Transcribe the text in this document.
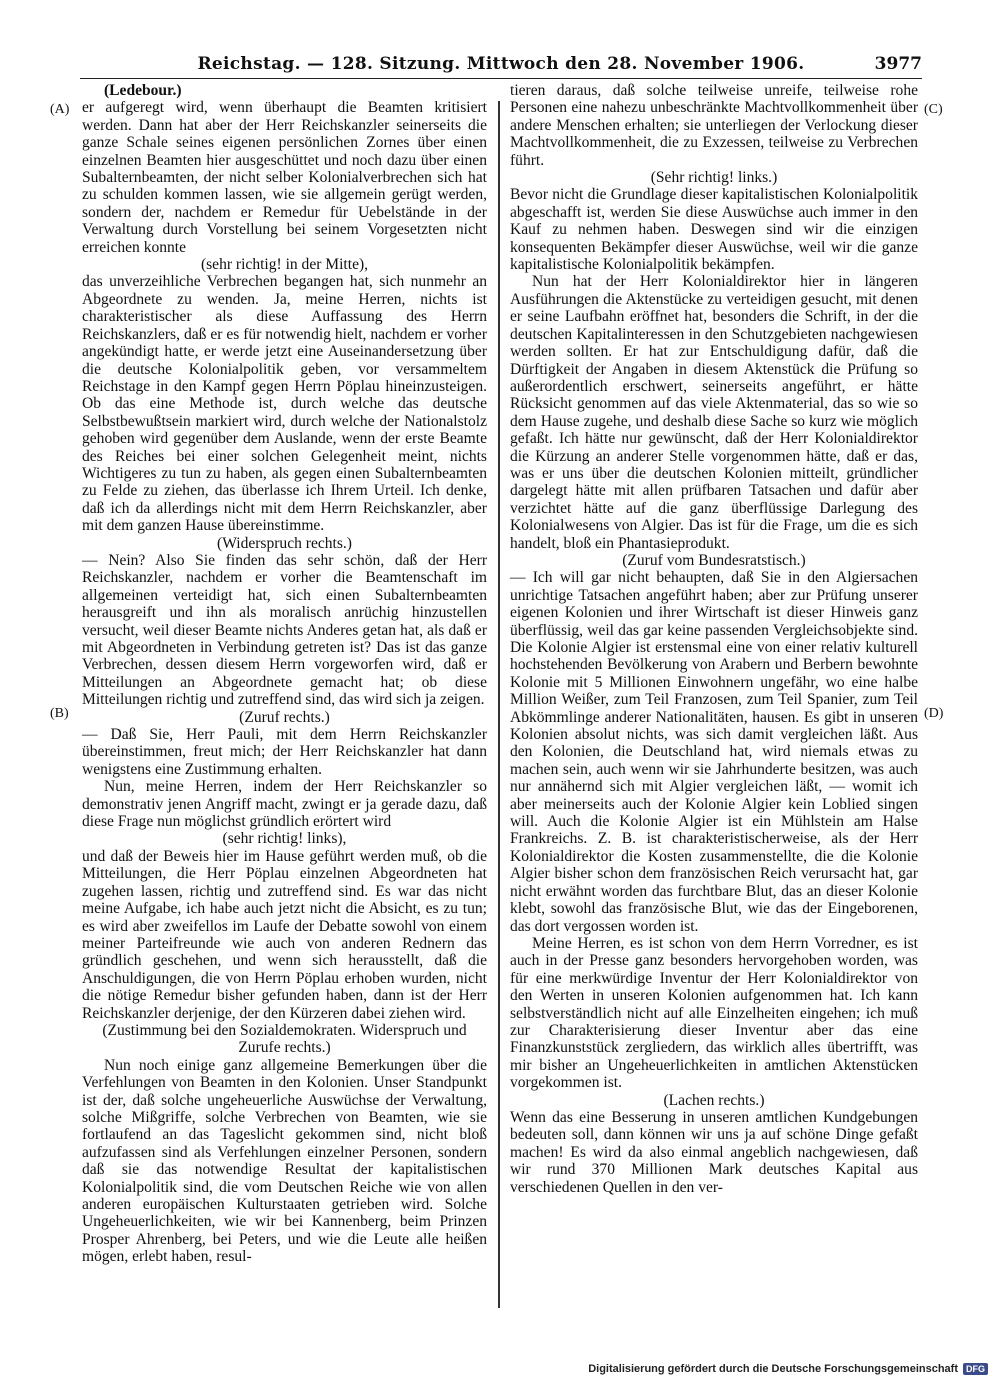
Reichstag. — 128. Sitzung. Mittwoch den 28. November 1906.	3977
(A)
(B)
(C)
(D)

(Ledebour.)

er aufgeregt wird, wenn überhaupt die Beamten kritisiert werden. Dann hat aber der Herr Reichskanzler seinerseits die ganze Schale seines eigenen persönlichen Zornes über einen einzelnen Beamten hier ausgeschüttet und noch dazu über einen Subalternbeamten, der nicht selber Kolonialverbrechen sich hat zu schulden kommen lassen, wie sie allgemein gerügt werden, sondern der, nachdem er Remedur für Uebelstände in der Verwaltung durch Vorstellung bei seinem Vorgesetzten nicht erreichen konnte

(sehr richtig! in der Mitte),

das unverzeihliche Verbrechen begangen hat, sich nunmehr an Abgeordnete zu wenden. Ja, meine Herren, nichts ist charakteristischer als diese Auffassung des Herrn Reichskanzlers, daß er es für notwendig hielt, nachdem er vorher angekündigt hatte, er werde jetzt eine Auseinandersetzung über die deutsche Kolonialpolitik geben, vor versammeltem Reichstage in den Kampf gegen Herrn Pöplau hineinzusteigen. Ob das eine Methode ist, durch welche das deutsche Selbstbewußtsein markiert wird, durch welche der Nationalstolz gehoben wird gegenüber dem Auslande, wenn der erste Beamte des Reiches bei einer solchen Gelegenheit meint, nichts Wichtigeres zu tun zu haben, als gegen einen Subalternbeamten zu Felde zu ziehen, das überlasse ich Ihrem Urteil. Ich denke, daß ich da allerdings nicht mit dem Herrn Reichskanzler, aber mit dem ganzen Hause übereinstimme.

(Widerspruch rechts.)

— Nein? Also Sie finden das sehr schön, daß der Herr Reichskanzler, nachdem er vorher die Beamtenschaft im allgemeinen verteidigt hat, sich einen Subalternbeamten herausgreift und ihn als moralisch anrüchig hinzustellen versucht, weil dieser Beamte nichts Anderes getan hat, als daß er mit Abgeordneten in Verbindung getreten ist? Das ist das ganze Verbrechen, dessen diesem Herrn vorgeworfen wird, daß er Mitteilungen an Abgeordnete gemacht hat; ob diese Mitteilungen richtig und zutreffend sind, das wird sich ja zeigen.

(Zuruf rechts.)

— Daß Sie, Herr Pauli, mit dem Herrn Reichskanzler übereinstimmen, freut mich; der Herr Reichskanzler hat dann wenigstens eine Zustimmung erhalten.

Nun, meine Herren, indem der Herr Reichskanzler so demonstrativ jenen Angriff macht, zwingt er ja gerade dazu, daß diese Frage nun möglichst gründlich erörtert wird

(sehr richtig! links),

und daß der Beweis hier im Hause geführt werden muß, ob die Mitteilungen, die Herr Pöplau einzelnen Abgeordneten hat zugehen lassen, richtig und zutreffend sind. Es war das nicht meine Aufgabe, ich habe auch jetzt nicht die Absicht, es zu tun; es wird aber zweifellos im Laufe der Debatte sowohl von einem meiner Parteifreunde wie auch von anderen Rednern das gründlich geschehen, und wenn sich herausstellt, daß die Anschuldigungen, die von Herrn Pöplau erhoben wurden, nicht die nötige Remedur bisher gefunden haben, dann ist der Herr Reichskanzler derjenige, der den Kürzeren dabei ziehen wird.

(Zustimmung bei den Sozialdemokraten. Widerspruch und Zurufe rechts.)

Nun noch einige ganz allgemeine Bemerkungen über die Verfehlungen von Beamten in den Kolonien. Unser Standpunkt ist der, daß solche ungeheuerliche Auswüchse der Verwaltung, solche Mißgriffe, solche Verbrechen von Beamten, wie sie fortlaufend an das Tageslicht gekommen sind, nicht bloß aufzufassen sind als Verfehlungen einzelner Personen, sondern daß sie das notwendige Resultat der kapitalistischen Kolonialpolitik sind, die vom Deutschen Reiche wie von allen anderen europäischen Kulturstaaten getrieben wird. Solche Ungeheuerlichkeiten, wie wir bei Kannenberg, beim Prinzen Prosper Ahrenberg, bei Peters, und wie die Leute alle heißen mögen, erlebt haben, resul-

tieren daraus, daß solche teilweise unreife, teilweise rohe Personen eine nahezu unbeschränkte Machtvollkommenheit über andere Menschen erhalten; sie unterliegen der Verlockung dieser Machtvollkommenheit, die zu Exzessen, teilweise zu Verbrechen führt.

(Sehr richtig! links.)

Bevor nicht die Grundlage dieser kapitalistischen Kolonialpolitik abgeschafft ist, werden Sie diese Auswüchse auch immer in den Kauf zu nehmen haben. Deswegen sind wir die einzigen konsequenten Bekämpfer dieser Auswüchse, weil wir die ganze kapitalistische Kolonialpolitik bekämpfen.

Nun hat der Herr Kolonialdirektor hier in längeren Ausführungen die Aktenstücke zu verteidigen gesucht, mit denen er seine Laufbahn eröffnet hat, besonders die Schrift, in der die deutschen Kapitalinteressen in den Schutzgebieten nachgewiesen werden sollten. Er hat zur Entschuldigung dafür, daß die Dürftigkeit der Angaben in diesem Aktenstück die Prüfung so außerordentlich erschwert, seinerseits angeführt, er hätte Rücksicht genommen auf das viele Aktenmaterial, das so wie so dem Hause zugehe, und deshalb diese Sache so kurz wie möglich gefaßt. Ich hätte nur gewünscht, daß der Herr Kolonialdirektor die Kürzung an anderer Stelle vorgenommen hätte, daß er das, was er uns über die deutschen Kolonien mitteilt, gründlicher dargelegt hätte mit allen prüfbaren Tatsachen und dafür aber verzichtet hätte auf die ganz überflüssige Darlegung des Kolonialwesens von Algier. Das ist für die Frage, um die es sich handelt, bloß ein Phantasieprodukt.

(Zuruf vom Bundesratstisch.)

— Ich will gar nicht behaupten, daß Sie in den Algiersachen unrichtige Tatsachen angeführt haben; aber zur Prüfung unserer eigenen Kolonien und ihrer Wirtschaft ist dieser Hinweis ganz überflüssig, weil das gar keine passenden Vergleichsobjekte sind. Die Kolonie Algier ist erstensmal eine von einer relativ kulturell hochstehenden Bevölkerung von Arabern und Berbern bewohnte Kolonie mit 5 Millionen Einwohnern ungefähr, wo eine halbe Million Weißer, zum Teil Franzosen, zum Teil Spanier, zum Teil Abkömmlinge anderer Nationalitäten, hausen. Es gibt in unseren Kolonien absolut nichts, was sich damit vergleichen läßt. Aus den Kolonien, die Deutschland hat, wird niemals etwas zu machen sein, auch wenn wir sie Jahrhunderte besitzen, was auch nur annähernd sich mit Algier vergleichen läßt, — womit ich aber meinerseits auch der Kolonie Algier kein Loblied singen will. Auch die Kolonie Algier ist ein Mühlstein am Halse Frankreichs. Z. B. ist charakteristischerweise, als der Herr Kolonialdirektor die Kosten zusammenstellte, die die Kolonie Algier bisher schon dem französischen Reich verursacht hat, gar nicht erwähnt worden das furchtbare Blut, das an dieser Kolonie klebt, sowohl das französische Blut, wie das der Eingeborenen, das dort vergossen worden ist.

Meine Herren, es ist schon von dem Herrn Vorredner, es ist auch in der Presse ganz besonders hervorgehoben worden, was für eine merkwürdige Inventur der Herr Kolonialdirektor von den Werten in unseren Kolonien aufgenommen hat. Ich kann selbstverständlich nicht auf alle Einzelheiten eingehen; ich muß zur Charakterisierung dieser Inventur aber das eine Finanzkunststück zergliedern, das wirklich alles übertrifft, was mir bisher an Ungeheuerlichkeiten in amtlichen Aktenstücken vorgekommen ist.

(Lachen rechts.)

Wenn das eine Besserung in unseren amtlichen Kundgebungen bedeuten soll, dann können wir uns ja auf schöne Dinge gefaßt machen! Es wird da also einmal angeblich nachgewiesen, daß wir rund 370 Millionen Mark deutsches Kapital aus verschiedenen Quellen in den ver-

Digitalisierung gefördert durch die Deutsche Forschungsgemeinschaft DFG
